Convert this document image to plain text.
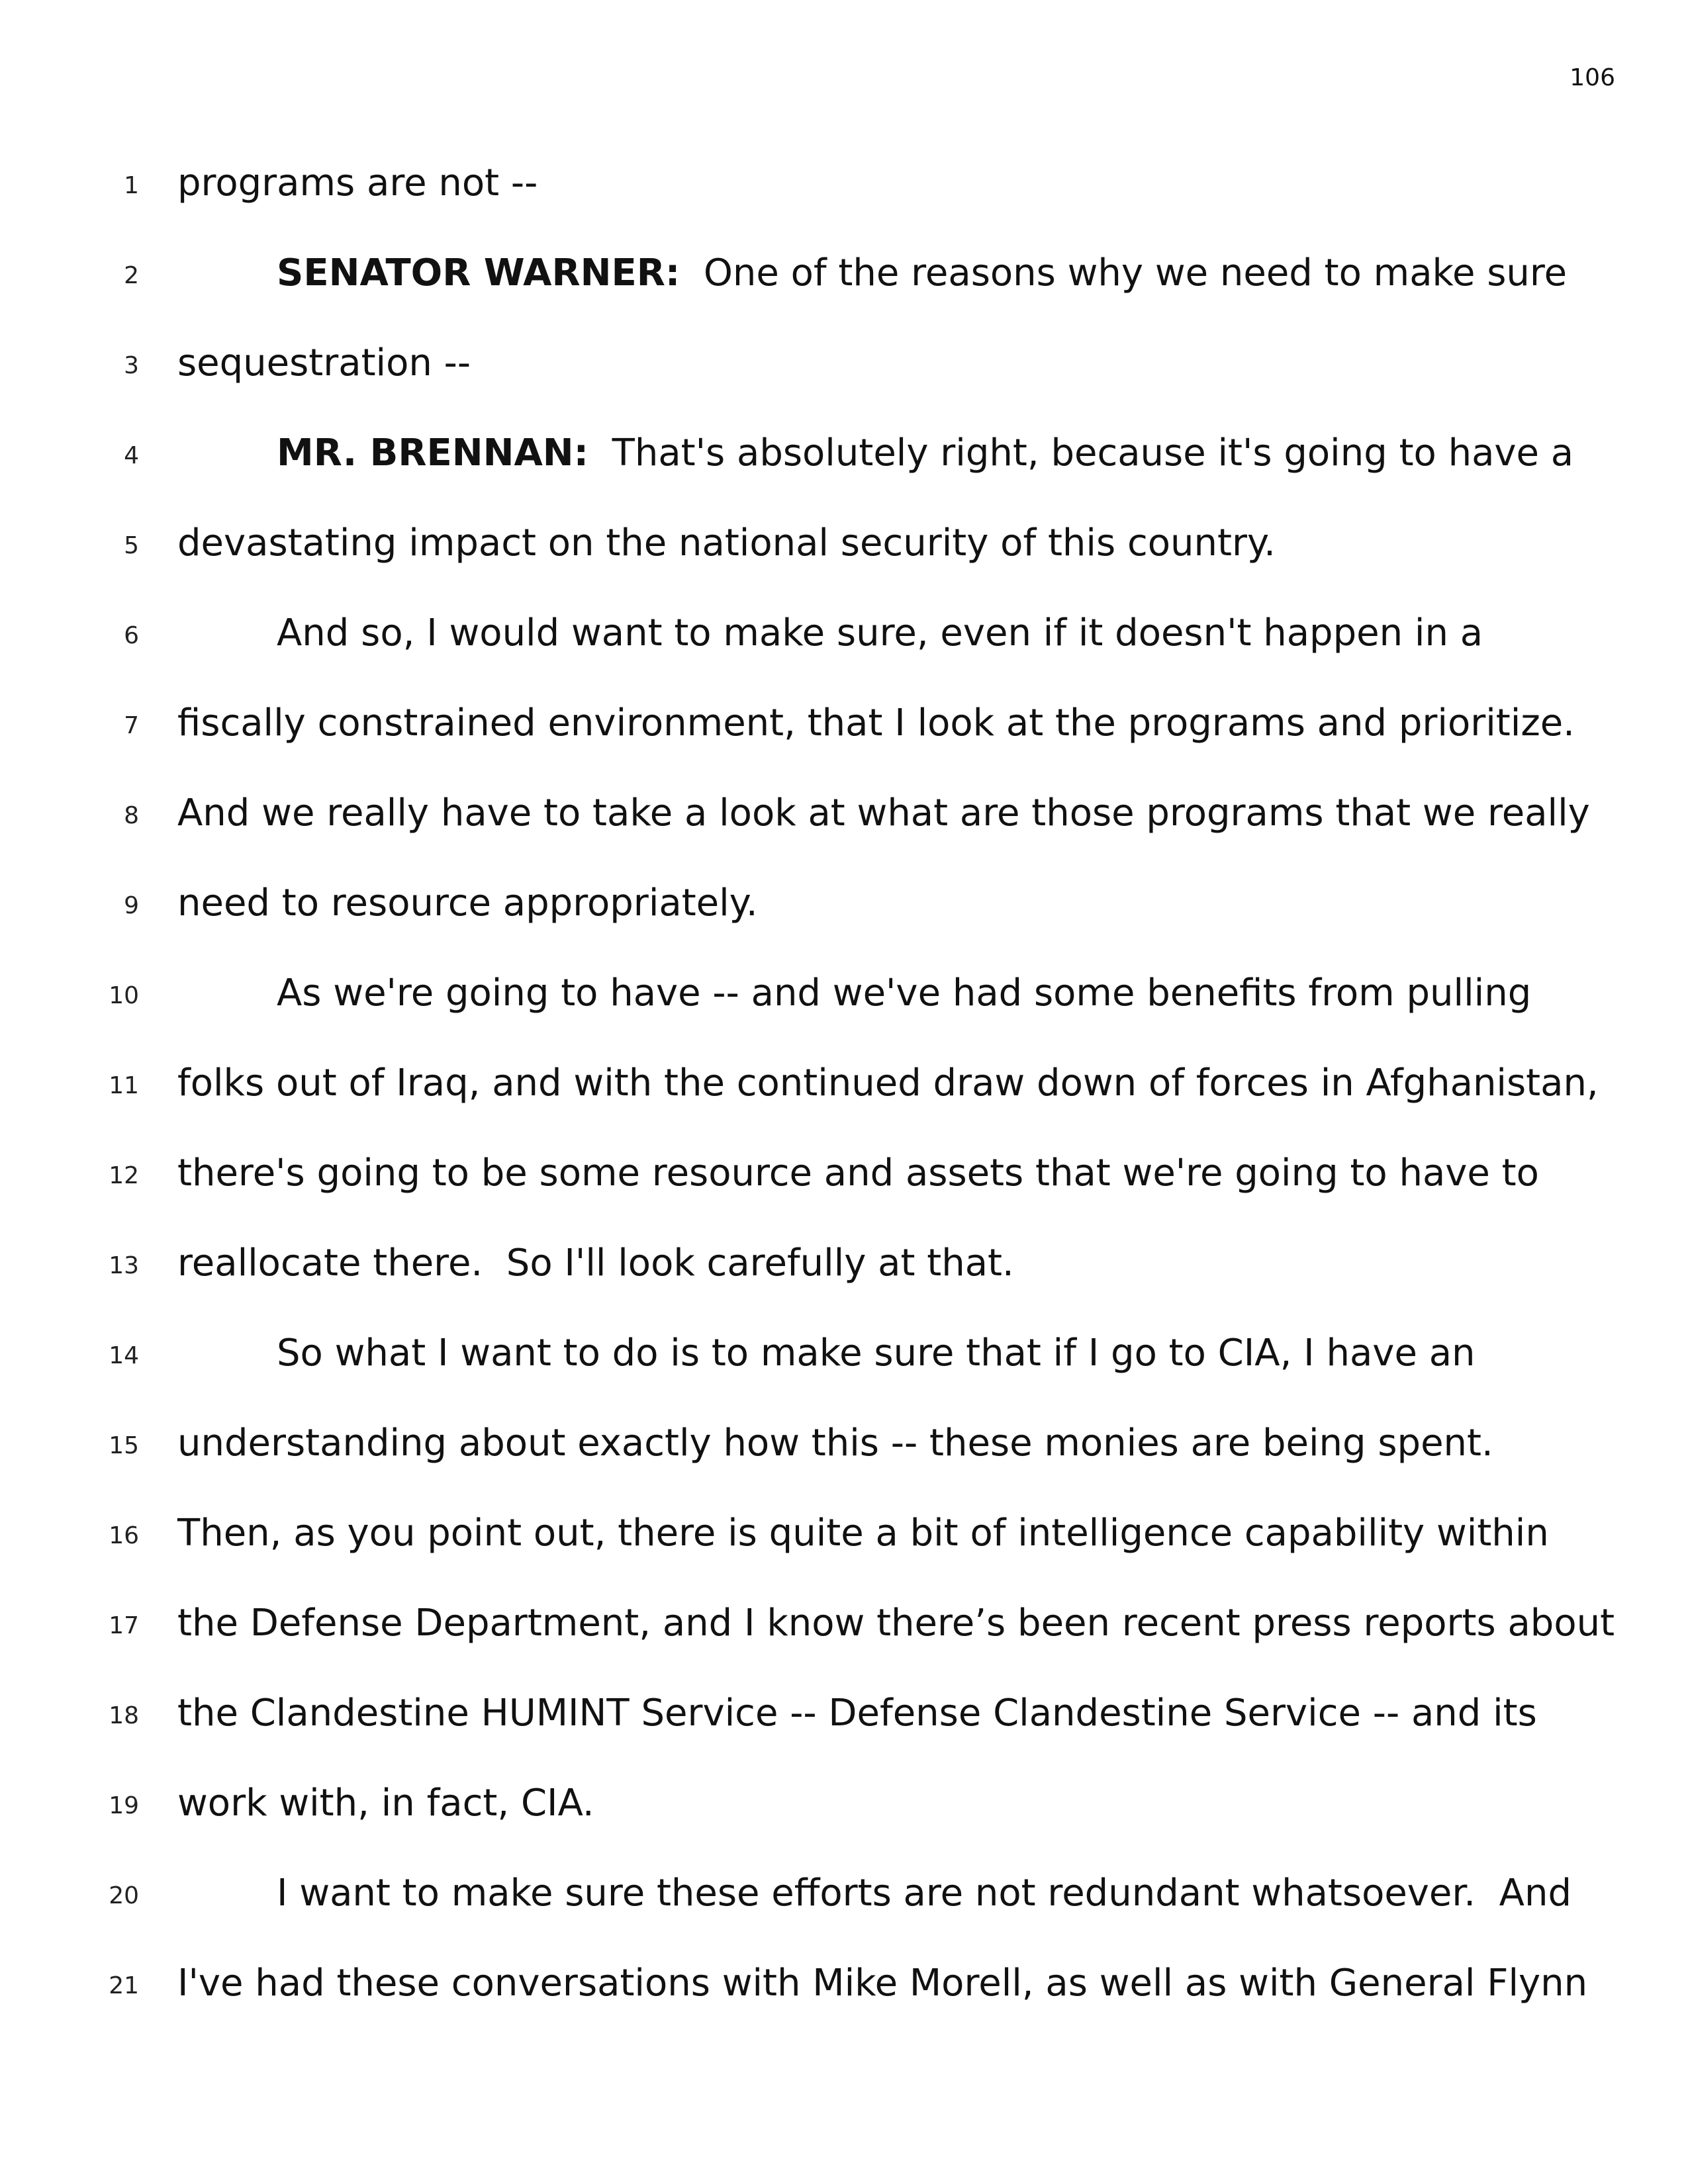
106
1 programs are not --
2	SENATOR WARNER:  One of the reasons why we need to make sure
3 sequestration --
4	MR. BRENNAN:  That's absolutely right, because it's going to have a
5 devastating impact on the national security of this country.
6	And so, I would want to make sure, even if it doesn't happen in a
7 fiscally constrained environment, that I look at the programs and prioritize.
8 And we really have to take a look at what are those programs that we really
9 need to resource appropriately.
10	As we're going to have -- and we've had some benefits from pulling
11 folks out of Iraq, and with the continued draw down of forces in Afghanistan,
12 there's going to be some resource and assets that we're going to have to
13 reallocate there.  So I'll look carefully at that.
14	So what I want to do is to make sure that if I go to CIA, I have an
15 understanding about exactly how this -- these monies are being spent.
16 Then, as you point out, there is quite a bit of intelligence capability within
17 the Defense Department, and I know there’s been recent press reports about
18 the Clandestine HUMINT Service -- Defense Clandestine Service -- and its
19 work with, in fact, CIA.
20	I want to make sure these efforts are not redundant whatsoever.  And
21 I've had these conversations with Mike Morell, as well as with General Flynn
